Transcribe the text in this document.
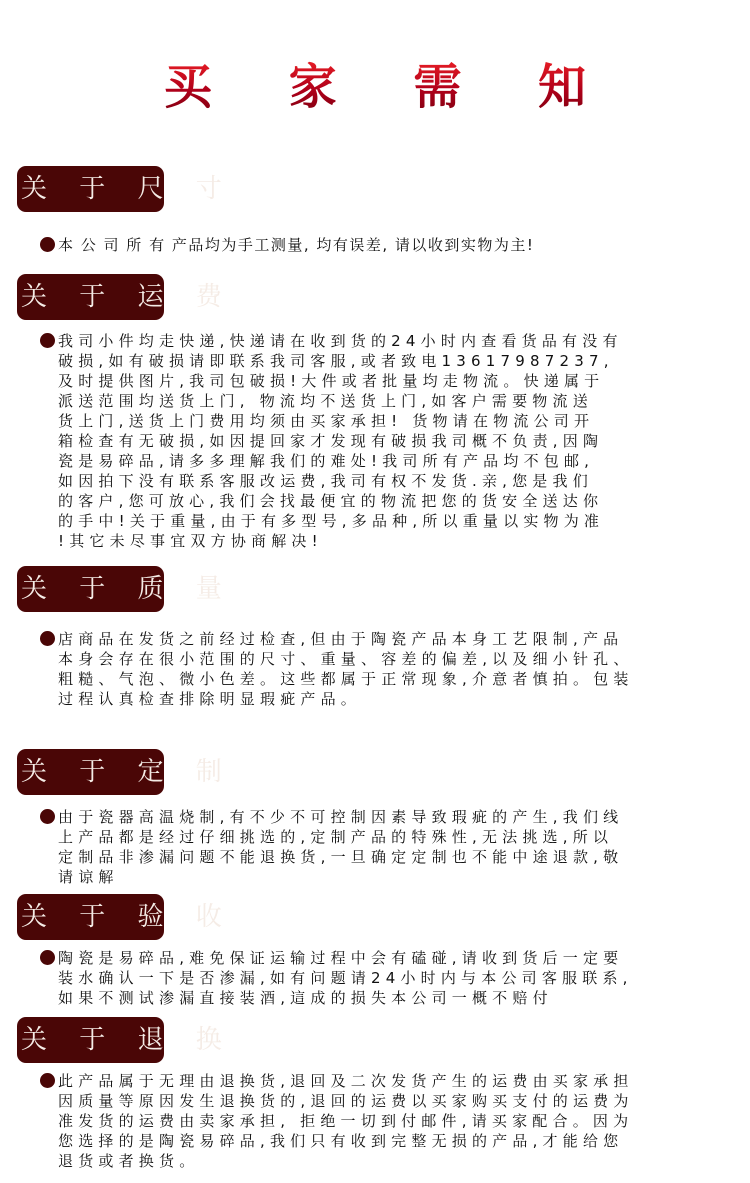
买 家 需 知
关 于 尺 寸
本 公 司 所 有 产品均为手工测量, 均有误差, 请以收到实物为主!
关 于 运 费
我司小件均走快递,快递请在收到货的24小时内查看货品有没有
破损,如有破损请即联系我司客服,或者致电13617987237,
及时提供图片,我司包破损!大件或者批量均走物流。快递属于
派送范围均送货上门, 物流均不送货上门,如客户需要物流送
货上门,送货上门费用均须由买家承担! 货物请在物流公司开
箱检查有无破损,如因提回家才发现有破损我司概不负责,因陶
瓷是易碎品,请多多理解我们的难处!我司所有产品均不包邮,
如因拍下没有联系客服改运费,我司有权不发货.亲,您是我们
的客户,您可放心,我们会找最便宜的物流把您的货安全送达你
的手中!关于重量,由于有多型号,多品种,所以重量以实物为准
!其它未尽事宜双方协商解决!
关 于 质 量
店商品在发货之前经过检查,但由于陶瓷产品本身工艺限制,产品
本身会存在很小范围的尺寸、重量、容差的偏差,以及细小针孔、
粗糙、气泡、微小色差。这些都属于正常现象,介意者慎拍。包装
过程认真检查排除明显瑕疵产品。
关 于 定 制
由于瓷器高温烧制,有不少不可控制因素导致瑕疵的产生,我们线
上产品都是经过仔细挑选的,定制产品的特殊性,无法挑选,所以
定制品非渗漏问题不能退换货,一旦确定定制也不能中途退款,敬
请谅解
关 于 验 收
陶瓷是易碎品,难免保证运输过程中会有磕碰,请收到货后一定要
装水确认一下是否渗漏,如有问题请24小时内与本公司客服联系,
如果不测试渗漏直接装酒,這成的损失本公司一概不赔付
关 于 退 换
此产品属于无理由退换货,退回及二次发货产生的运费由买家承担
因质量等原因发生退换货的,退回的运费以买家购买支付的运费为
准发货的运费由卖家承担, 拒绝一切到付邮件,请买家配合。因为
您选择的是陶瓷易碎品,我们只有收到完整无损的产品,才能给您
退货或者换货。
